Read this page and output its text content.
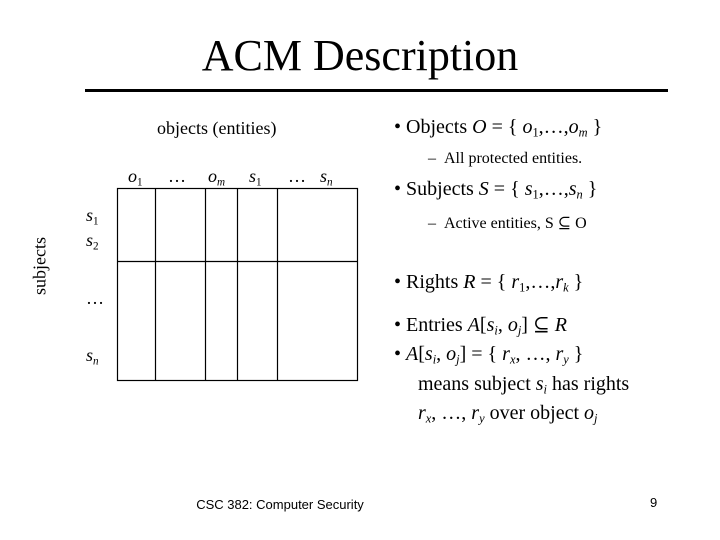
ACM Description
objects (entities)
subjects
$o_1$ … $o_m$ $s_1$ … $s_n$
$s_1$
$s_2$
…
$s_n$
• Objects O = { $o_1,\dots,o_m$ }
–  All protected entities.
• Subjects S = { $s_1,\dots,s_n$ }
–  Active entities, S ⊆ O
• Rights R = { $r_1,\dots,r_k$ }
• Entries $A[s_i$, $o_j$] ⊆ R
• $A[s_i$, $o_j$] = { $r_x$, …, $r_y$ }
means subject $s_i$ has rights
$r_x$, …, $r_y$ over object $o_j$
CSC 382: Computer Security	9
